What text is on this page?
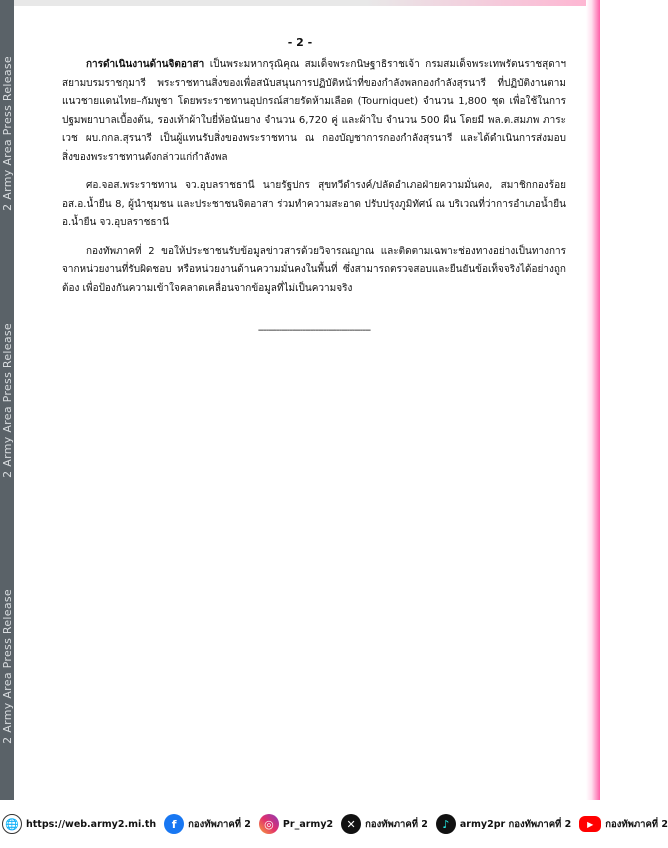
2 Army Area Press Release
2 Army Area Press Release
2 Army Area Press Release
- 2 -

การดำเนินงานด้านจิตอาสา เป็นพระมหากรุณิคุณ สมเด็จพระกนิษฐาธิราชเจ้า กรมสมเด็จพระเทพรัตนราชสุดาฯ สยามบรมราชกุมารี พระราชทานสิ่งของเพื่อสนับสนุนการปฏิบัติหน้าที่ของกำลังพลกองกำลังสุรนารี ที่ปฏิบัติงานตามแนวชายแดนไทย–กัมพูชา โดยพระราชทานอุปกรณ์สายรัดห้ามเลือด (Tourniquet) จำนวน 1,800 ชุด เพื่อใช้ในการปฐมพยาบาลเบื้องต้น, รองเท้าผ้าใบยี่ห้อนันยาง จำนวน 6,720 คู่ และผ้าใบ จำนวน 500 ผืน โดยมี พล.ต.สมภพ ภาระเวช ผบ.กกล.สุรนารี เป็นผู้แทนรับสิ่งของพระราชทาน ณ กองบัญชาการกองกำลังสุรนารี และได้ดำเนินการส่งมอบสิ่งของพระราชทานดังกล่าวแก่กำลังพล

ศอ.จอส.พระราชทาน จว.อุบลราชธานี นายรัฐปกร สุขทวีดำรงค์/ปลัดอำเภอฝ่ายความมั่นคง, สมาชิกกองร้อย อส.อ.น้ำยืน 8, ผู้นำชุมชน และประชาชนจิตอาสา ร่วมทำความสะอาด ปรับปรุงภูมิทัศน์ ณ บริเวณที่ว่าการอำเภอน้ำยืน อ.น้ำยืน จว.อุบลราชธานี

กองทัพภาคที่ 2 ขอให้ประชาชนรับข้อมูลข่าวสารด้วยวิจารณญาณ และติดตามเฉพาะช่องทางอย่างเป็นทางการจากหน่วยงานที่รับผิดชอบ หรือหน่วยงานด้านความมั่นคงในพื้นที่ ซึ่งสามารถตรวจสอบและยืนยันข้อเท็จจริงได้อย่างถูกต้อง เพื่อป้องกันความเข้าใจคลาดเคลื่อนจากข้อมูลที่ไม่เป็นความจริง

-------------------------------------------
🌐 https://web.army2.mi.th	f	กองทัพภาคที่ 2	◎ Pr_army2	✕ กองทัพภาคที่ 2	♪	army2pr กองทัพภาคที่ 2	▶	กองทัพภาคที่ 2
